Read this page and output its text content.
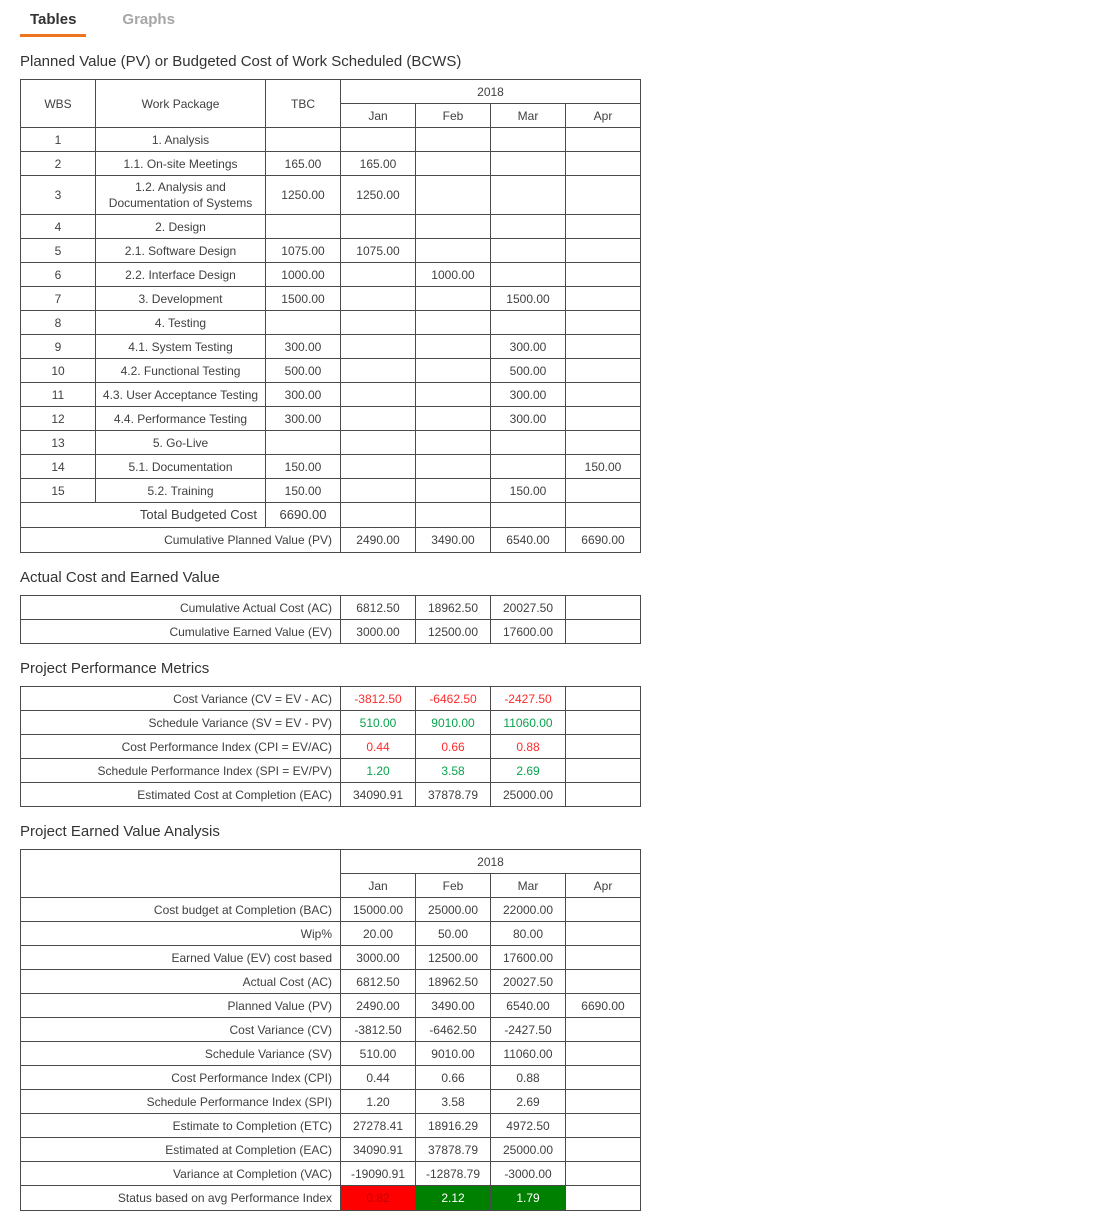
Tables	Graphs
Planned Value (PV) or Budgeted Cost of Work Scheduled (BCWS)
WBS	Work Package	TBC	2018			
			Jan	Feb	Mar	Apr
1	1. Analysis					
2	1.1. On-site Meetings	165.00	165.00			
3	1.2. Analysis and Documentation of Systems	1250.00	1250.00			
4	2. Design					
5	2.1. Software Design	1075.00	1075.00			
6	2.2. Interface Design	1000.00		1000.00		
7	3. Development	1500.00			1500.00	
8	4. Testing					
9	4.1. System Testing	300.00			300.00	
10	4.2. Functional Testing	500.00			500.00	
11	4.3. User Acceptance Testing	300.00			300.00	
12	4.4. Performance Testing	300.00			300.00	
13	5. Go-Live					
14	5.1. Documentation	150.00				150.00
15	5.2. Training	150.00			150.00	
Total Budgeted Cost		6690.00				
Cumulative Planned Value (PV)			2490.00	3490.00	6540.00	6690.00
Actual Cost and Earned Value
Cumulative Actual Cost (AC)	6812.50	18962.50	20027.50	
Cumulative Earned Value (EV)	3000.00	12500.00	17600.00	
Project Performance Metrics
Cost Variance (CV = EV - AC)	-3812.50	-6462.50	-2427.50	
Schedule Variance (SV = EV - PV)	510.00	9010.00	11060.00	
Cost Performance Index (CPI = EV/AC)	0.44	0.66	0.88	
Schedule Performance Index (SPI = EV/PV)	1.20	3.58	2.69	
Estimated Cost at Completion (EAC)	34090.91	37878.79	25000.00	
Project Earned Value Analysis
	2018			
	Jan	Feb	Mar	Apr
Cost budget at Completion (BAC)	15000.00	25000.00	22000.00	
Wip%	20.00	50.00	80.00	
Earned Value (EV) cost based	3000.00	12500.00	17600.00	
Actual Cost (AC)	6812.50	18962.50	20027.50	
Planned Value (PV)	2490.00	3490.00	6540.00	6690.00
Cost Variance (CV)	-3812.50	-6462.50	-2427.50	
Schedule Variance (SV)	510.00	9010.00	11060.00	
Cost Performance Index (CPI)	0.44	0.66	0.88	
Schedule Performance Index (SPI)	1.20	3.58	2.69	
Estimate to Completion (ETC)	27278.41	18916.29	4972.50	
Estimated at Completion (EAC)	34090.91	37878.79	25000.00	
Variance at Completion (VAC)	-19090.91	-12878.79	-3000.00	
Status based on avg Performance Index	0.82	2.12	1.79	
